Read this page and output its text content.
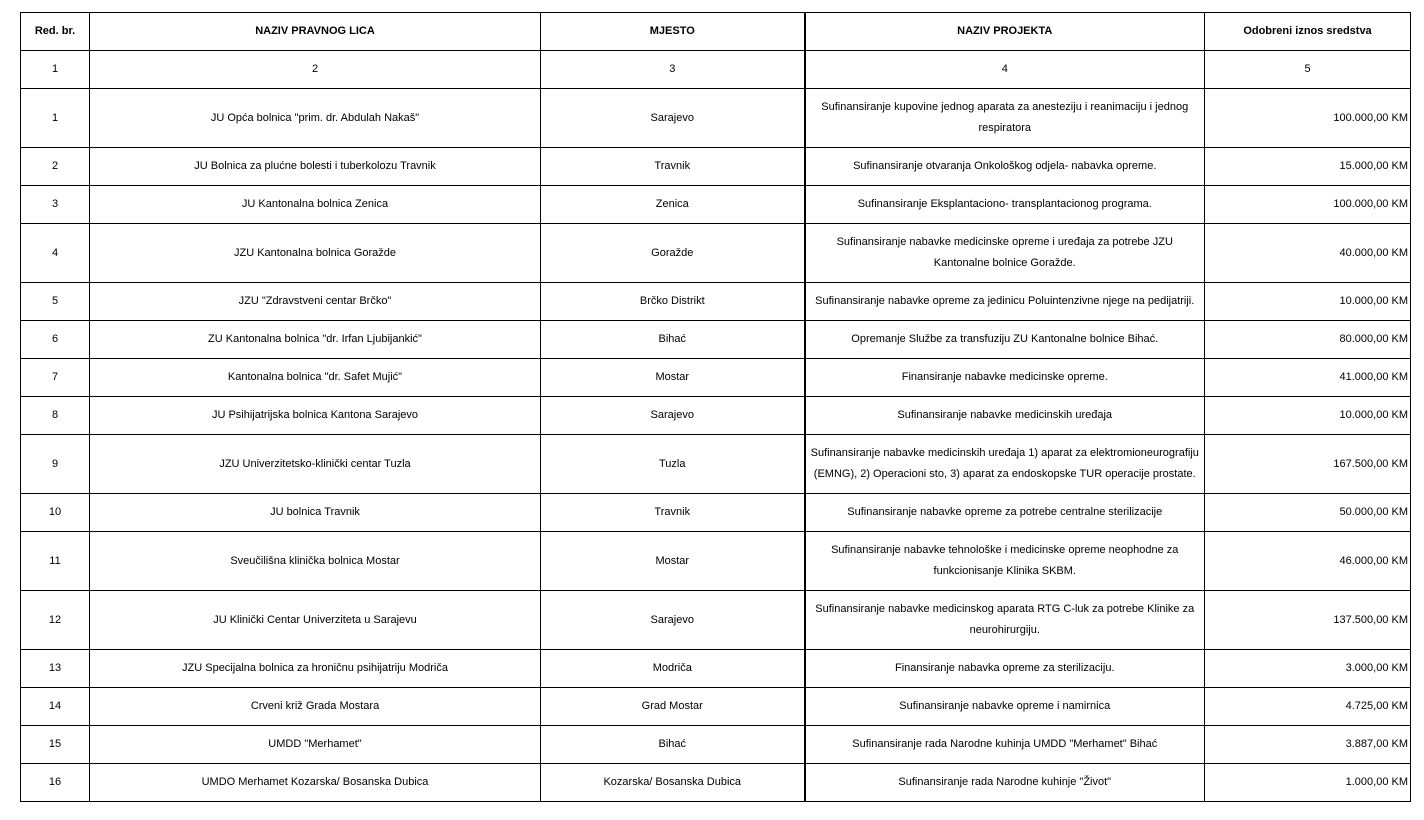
Red. br.	NAZIV PRAVNOG LICA	MJESTO	NAZIV PROJEKTA	Odobreni iznos sredstva
1	2	3	4	5
1	JU Opća bolnica "prim. dr. Abdulah Nakaš"	Sarajevo	Sufinansiranje kupovine jednog aparata za anesteziju i reanimaciju i jednog respiratora	100.000,00 KM
2	JU Bolnica za plućne bolesti i tuberkolozu Travnik	Travnik	Sufinansiranje otvaranja Onkološkog odjela- nabavka opreme.	15.000,00 KM
3	JU Kantonalna bolnica Zenica	Zenica	Sufinansiranje Eksplantaciono- transplantacionog programa.	100.000,00 KM
4	JZU Kantonalna bolnica Goražde	Goražde	Sufinansiranje nabavke medicinske opreme i uređaja za potrebe JZU Kantonalne bolnice Goražde.	40.000,00 KM
5	JZU "Zdravstveni centar Brčko"	Brčko Distrikt	Sufinansiranje nabavke opreme za jedinicu Poluintenzivne njege na pedijatriji.	10.000,00 KM
6	ZU Kantonalna bolnica "dr. Irfan Ljubijankić"	Bihać	Opremanje Službe za transfuziju ZU Kantonalne bolnice Bihać.	80.000,00 KM
7	Kantonalna bolnica "dr. Safet Mujić"	Mostar	Finansiranje nabavke medicinske opreme.	41.000,00 KM
8	JU Psihijatrijska bolnica Kantona Sarajevo	Sarajevo	Sufinansiranje nabavke medicinskih uređaja	10.000,00 KM
9	JZU Univerzitetsko-klinički centar Tuzla	Tuzla	Sufinansiranje nabavke medicinskih uređaja 1) aparat za elektromioneurografiju (EMNG), 2) Operacioni sto, 3) aparat za endoskopske TUR operacije prostate.	167.500,00 KM
10	JU bolnica Travnik	Travnik	Sufinansiranje nabavke opreme za potrebe centralne sterilizacije	50.000,00 KM
11	Sveučilišna klinička bolnica Mostar	Mostar	Sufinansiranje nabavke tehnološke i medicinske opreme neophodne za funkcionisanje Klinika SKBM.	46.000,00 KM
12	JU Klinički Centar Univerziteta u Sarajevu	Sarajevo	Sufinansiranje nabavke medicinskog aparata RTG C-luk za potrebe Klinike za neurohirurgiju.	137.500,00 KM
13	JZU Specijalna bolnica za hroničnu psihijatriju Modriča	Modriča	Finansiranje nabavka opreme za sterilizaciju.	3.000,00 KM
14	Crveni križ Grada Mostara	Grad Mostar	Sufinansiranje nabavke opreme i namirnica	4.725,00 KM
15	UMDD "Merhamet"	Bihać	Sufinansiranje rada Narodne kuhinja UMDD "Merhamet" Bihać	3.887,00 KM
16	UMDO Merhamet Kozarska/ Bosanska Dubica	Kozarska/ Bosanska Dubica	Sufinansiranje rada Narodne kuhinje "Život"	1.000,00 KM
